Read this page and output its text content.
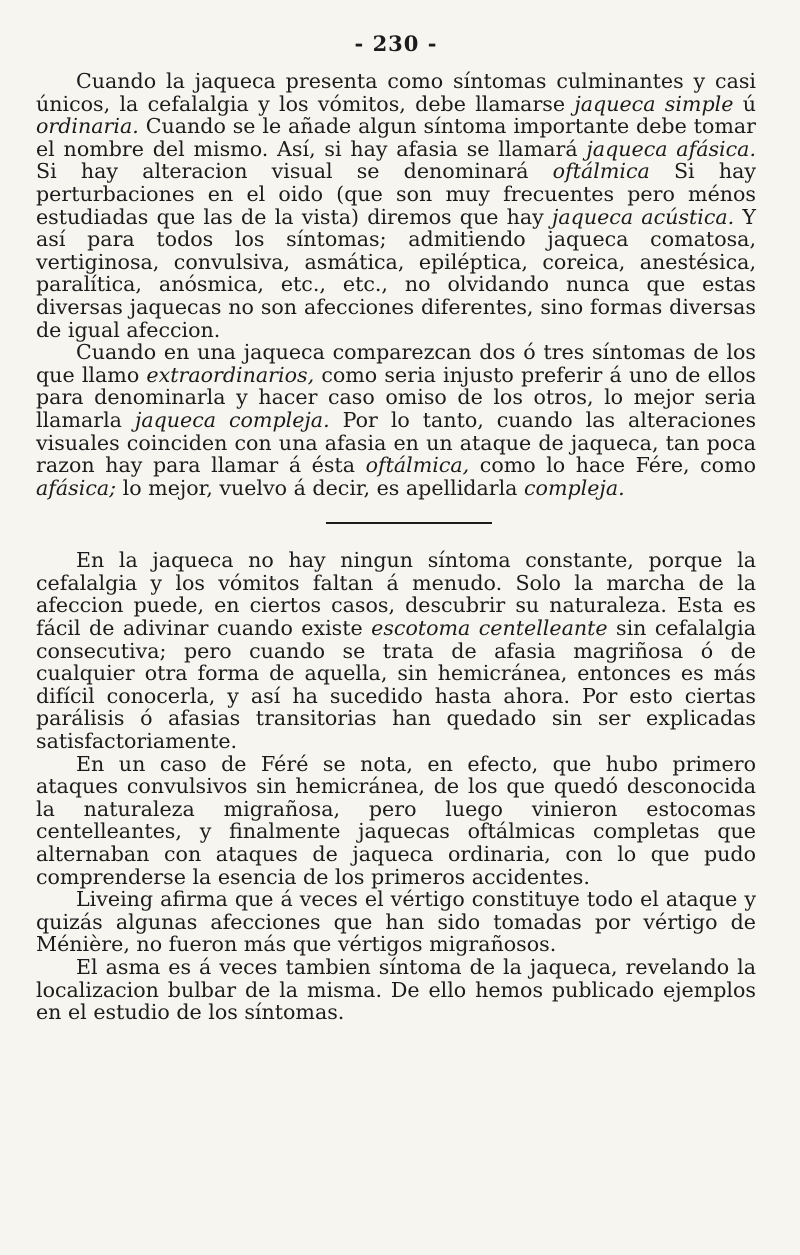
- 230 -

Cuando la jaqueca presenta como síntomas culminantes y casi únicos, la cefalalgia y los vómitos, debe llamarse jaqueca simple ú ordinaria. Cuando se le añade algun síntoma importante debe tomar el nombre del mismo. Así, si hay afasia se llamará jaqueca afásica. Si hay alteracion visual se denominará oftálmica Si hay perturbaciones en el oido (que son muy frecuentes pero ménos estudiadas que las de la vista) diremos que hay jaqueca acústica. Y así para todos los síntomas; admitiendo jaqueca comatosa, vertiginosa, convulsiva, asmática, epiléptica, coreica, anestésica, paralítica, anósmica, etc., etc., no olvidando nunca que estas diversas jaquecas no son afecciones diferentes, sino formas diversas de igual afeccion.

Cuando en una jaqueca comparezcan dos ó tres síntomas de los que llamo extraordinarios, como seria injusto preferir á uno de ellos para denominarla y hacer caso omiso de los otros, lo mejor seria llamarla jaqueca compleja. Por lo tanto, cuando las alteraciones visuales coinciden con una afasia en un ataque de jaqueca, tan poca razon hay para llamar á ésta oftálmica, como lo hace Fére, como afásica; lo mejor, vuelvo á decir, es apellidarla compleja.

En la jaqueca no hay ningun síntoma constante, porque la cefalalgia y los vómitos faltan á menudo. Solo la marcha de la afeccion puede, en ciertos casos, descubrir su naturaleza. Esta es fácil de adivinar cuando existe escotoma centelleante sin cefalalgia consecutiva; pero cuando se trata de afasia magriñosa ó de cualquier otra forma de aquella, sin hemicránea, entonces es más difícil conocerla, y así ha sucedido hasta ahora. Por esto ciertas parálisis ó afasias transitorias han quedado sin ser explicadas satisfactoriamente.

En un caso de Féré se nota, en efecto, que hubo primero ataques convulsivos sin hemicránea, de los que quedó desconocida la naturaleza migrañosa, pero luego vinieron estocomas centelleantes, y finalmente jaquecas oftálmicas completas que alternaban con ataques de jaqueca ordinaria, con lo que pudo comprenderse la esencia de los primeros accidentes.

Liveing afirma que á veces el vértigo constituye todo el ataque y quizás algunas afecciones que han sido tomadas por vértigo de Ménière, no fueron más que vértigos migrañosos.

El asma es á veces tambien síntoma de la jaqueca, revelando la localizacion bulbar de la misma. De ello hemos publicado ejemplos en el estudio de los síntomas.
